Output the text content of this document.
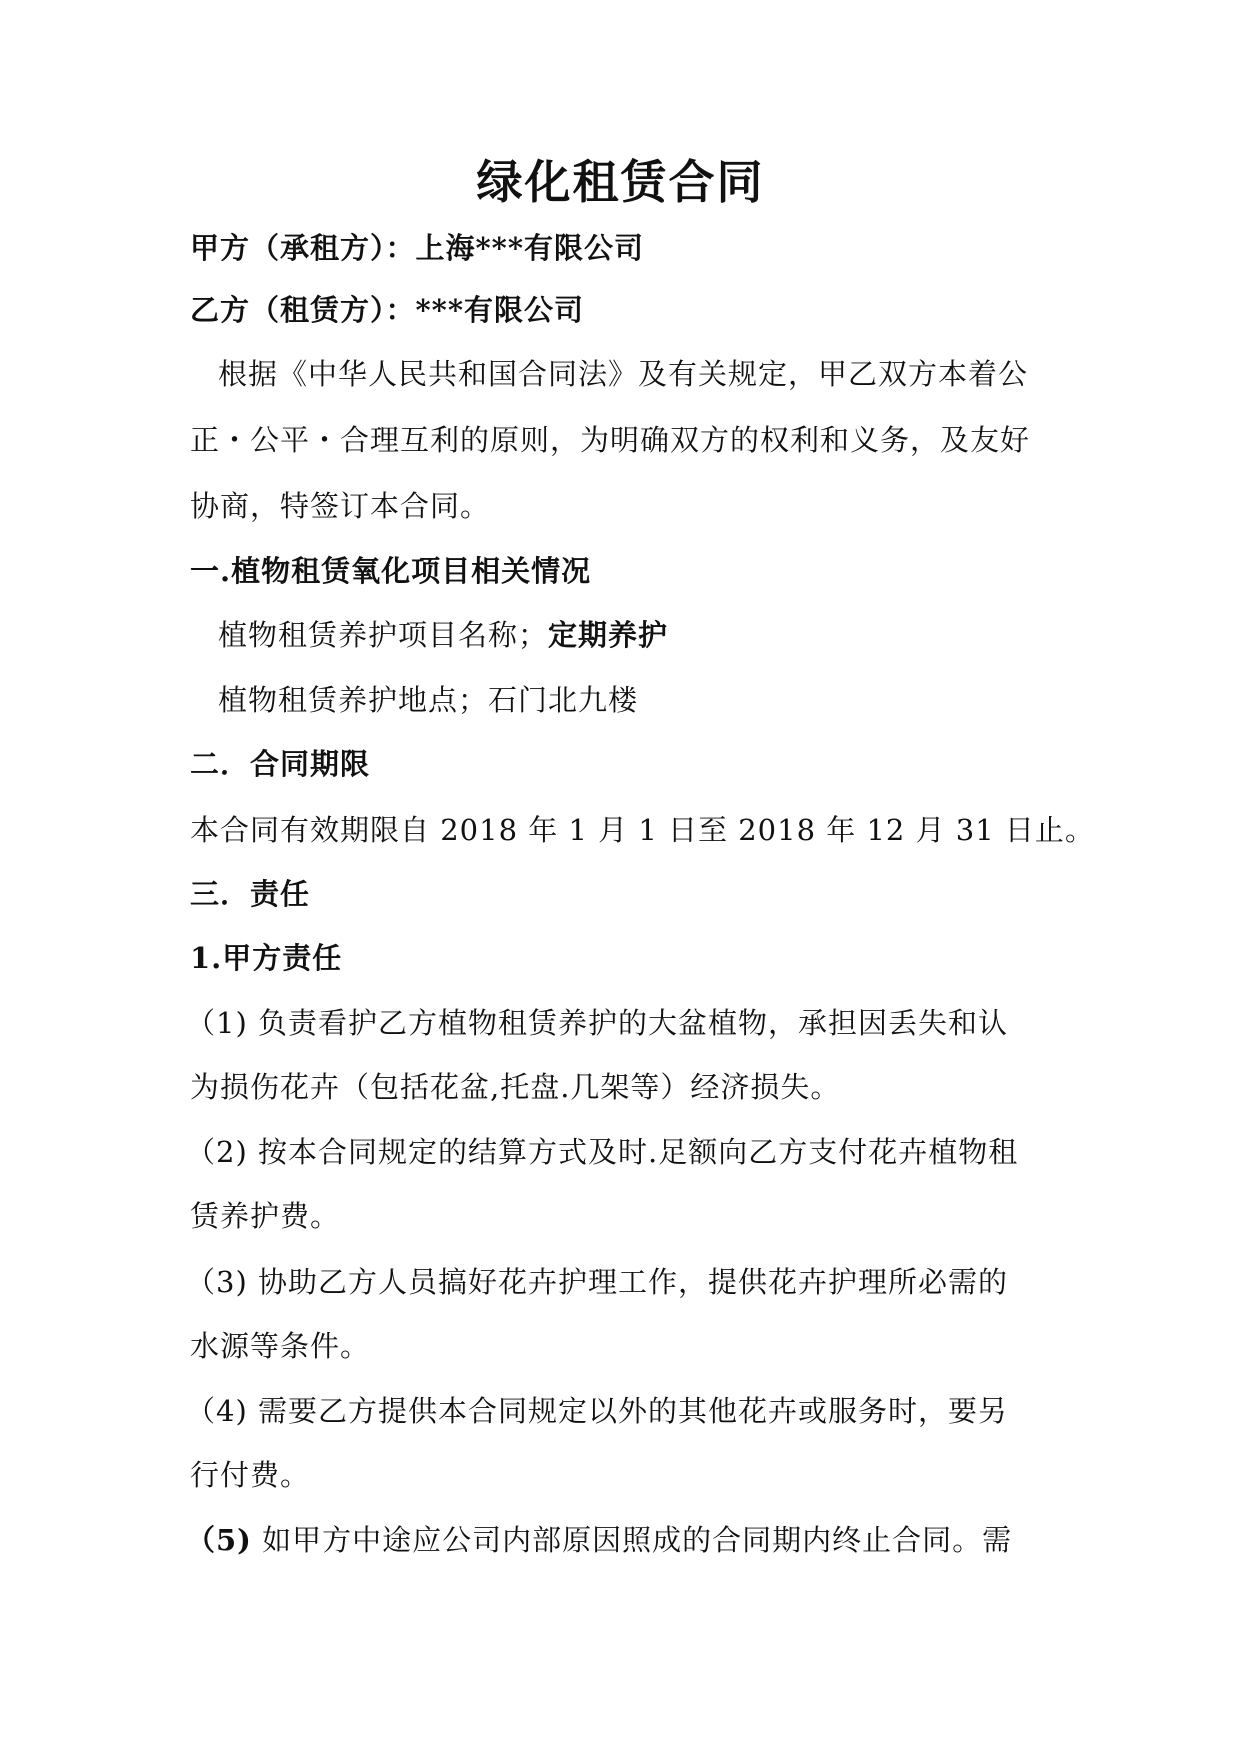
绿化租赁合同
甲方（承租方）：上海***有限公司
乙方（租赁方）：***有限公司
根据《中华人民共和国合同法》及有关规定，甲乙双方本着公
正・公平・合理互利的原则，为明确双方的权利和义务，及友好
协商，特签订本合同。
一.植物租赁氧化项目相关情况
植物租赁养护项目名称；定期养护
植物租赁养护地点；石门北九楼
二．合同期限
本合同有效期限自 2018 年 1 月 1 日至 2018 年 12 月 31 日止。
三．责任
1.甲方责任
（1) 负责看护乙方植物租赁养护的大盆植物，承担因丢失和认
为损伤花卉（包括花盆,托盘.几架等）经济损失。
（2) 按本合同规定的结算方式及时.足额向乙方支付花卉植物租
赁养护费。
（3) 协助乙方人员搞好花卉护理工作，提供花卉护理所必需的
水源等条件。
（4) 需要乙方提供本合同规定以外的其他花卉或服务时，要另
行付费。
（5) 如甲方中途应公司内部原因照成的合同期内终止合同。需
